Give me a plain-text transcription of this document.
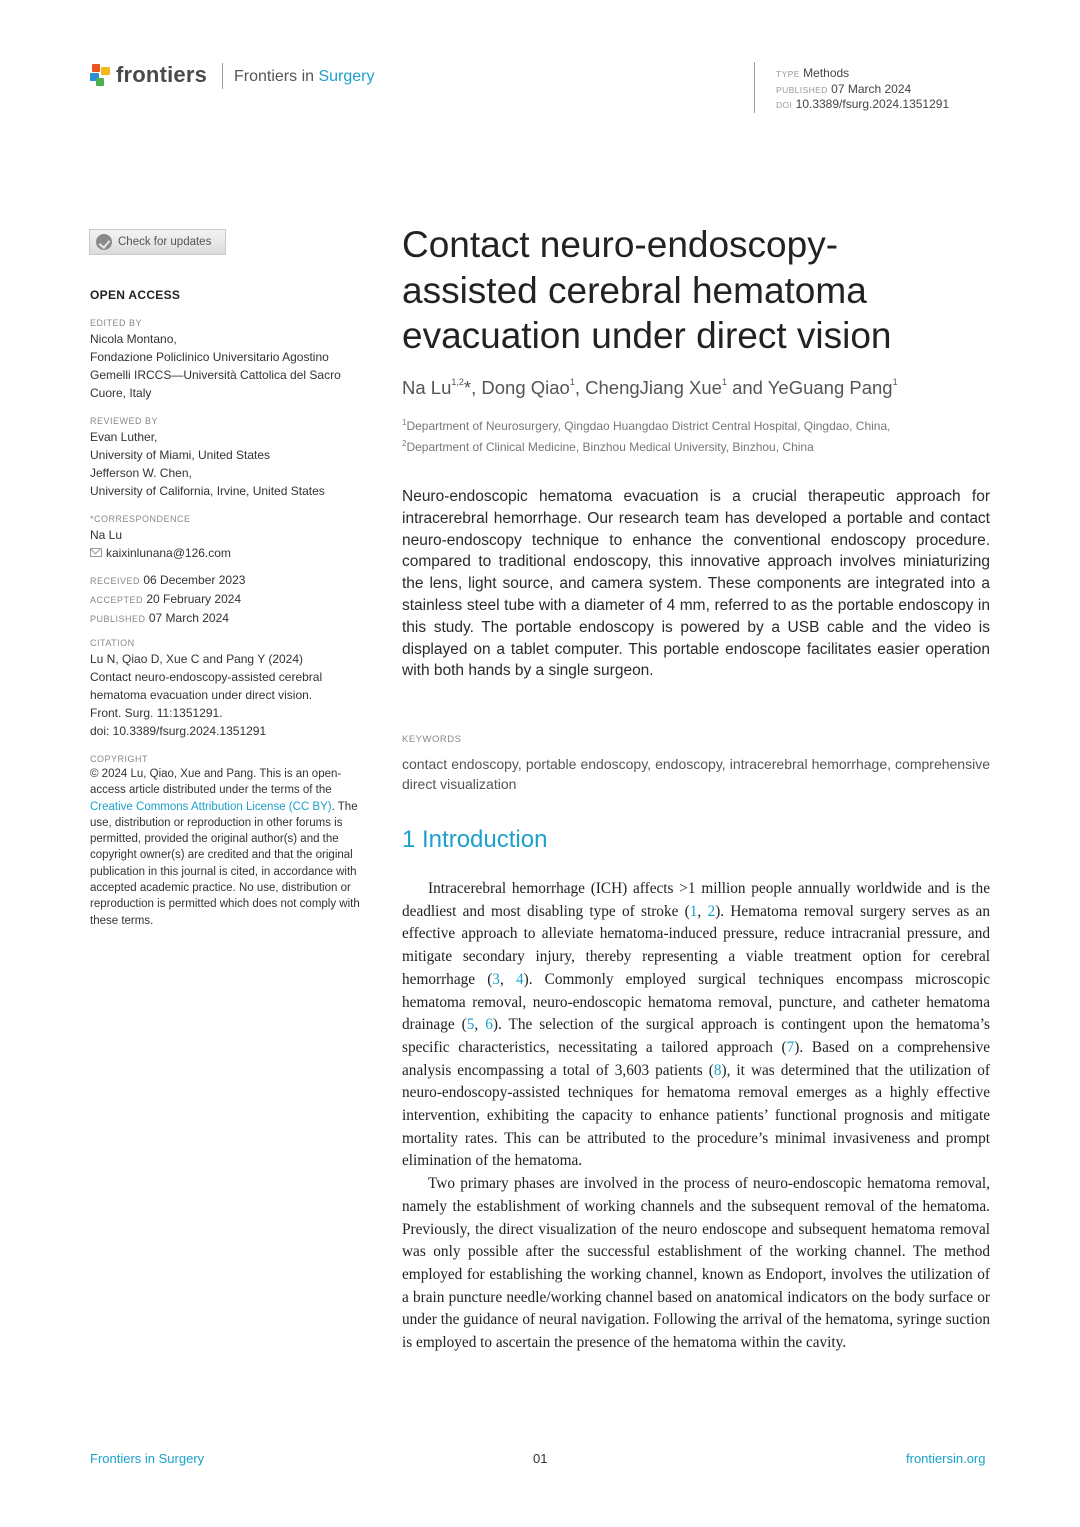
frontiers Frontiers in Surgery	TYPE Methods
PUBLISHED 07 March 2024
DOI 10.3389/fsurg.2024.1351291
Check for updates
OPEN ACCESS
EDITED BY
Nicola Montano,
Fondazione Policlinico Universitario Agostino
Gemelli IRCCS—Università Cattolica del Sacro
Cuore, Italy
REVIEWED BY
Evan Luther,
University of Miami, United States
Jefferson W. Chen,
University of California, Irvine, United States
*CORRESPONDENCE
Na Lu
kaixinlunana@126.com
RECEIVED 06 December 2023
ACCEPTED 20 February 2024
PUBLISHED 07 March 2024
CITATION
Lu N, Qiao D, Xue C and Pang Y (2024)
Contact neuro-endoscopy-assisted cerebral
hematoma evacuation under direct vision.
Front. Surg. 11:1351291.
doi: 10.3389/fsurg.2024.1351291
COPYRIGHT
© 2024 Lu, Qiao, Xue and Pang. This is an open-access article distributed under the terms of the Creative Commons Attribution License (CC BY). The use, distribution or reproduction in other forums is permitted, provided the original author(s) and the copyright owner(s) are credited and that the original publication in this journal is cited, in accordance with accepted academic practice. No use, distribution or reproduction is permitted which does not comply with these terms.
Contact neuro-endoscopy-
assisted cerebral hematoma
evacuation under direct vision
Na Lu$^{1,2}$*, Dong Qiao$^1$, ChengJiang Xue$^1$ and YeGuang Pang$^1$
$^1$Department of Neurosurgery, Qingdao Huangdao District Central Hospital, Qingdao, China,
$^2$Department of Clinical Medicine, Binzhou Medical University, Binzhou, China
Neuro-endoscopic hematoma evacuation is a crucial therapeutic approach for intracerebral hemorrhage. Our research team has developed a portable and contact neuro-endoscopy technique to enhance the conventional endoscopy procedure. compared to traditional endoscopy, this innovative approach involves miniaturizing the lens, light source, and camera system. These components are integrated into a stainless steel tube with a diameter of 4 mm, referred to as the portable endoscopy in this study. The portable endoscopy is powered by a USB cable and the video is displayed on a tablet computer. This portable endoscope facilitates easier operation with both hands by a single surgeon.
KEYWORDS
contact endoscopy, portable endoscopy, endoscopy, intracerebral hemorrhage, comprehensive direct visualization
1 Introduction

Intracerebral hemorrhage (ICH) affects >1 million people annually worldwide and is the deadliest and most disabling type of stroke (1, 2). Hematoma removal surgery serves as an effective approach to alleviate hematoma-induced pressure, reduce intracranial pressure, and mitigate secondary injury, thereby representing a viable treatment option for cerebral hemorrhage (3, 4). Commonly employed surgical techniques encompass microscopic hematoma removal, neuro-endoscopic hematoma removal, puncture, and catheter hematoma drainage (5, 6). The selection of the surgical approach is contingent upon the hematoma’s specific characteristics, necessitating a tailored approach (7). Based on a comprehensive analysis encompassing a total of 3,603 patients (8), it was determined that the utilization of neuro-endoscopy-assisted techniques for hematoma removal emerges as a highly effective intervention, exhibiting the capacity to enhance patients’ functional prognosis and mitigate mortality rates. This can be attributed to the procedure’s minimal invasiveness and prompt elimination of the hematoma.

Two primary phases are involved in the process of neuro-endoscopic hematoma removal, namely the establishment of working channels and the subsequent removal of the hematoma. Previously, the direct visualization of the neuro endoscope and subsequent hematoma removal was only possible after the successful establishment of the working channel. The method employed for establishing the working channel, known as Endoport, involves the utilization of a brain puncture needle/working channel based on anatomical indicators on the body surface or under the guidance of neural navigation. Following the arrival of the hematoma, syringe suction is employed to ascertain the presence of the hematoma within the cavity.

Frontiers in Surgery	01	frontiersin.org
